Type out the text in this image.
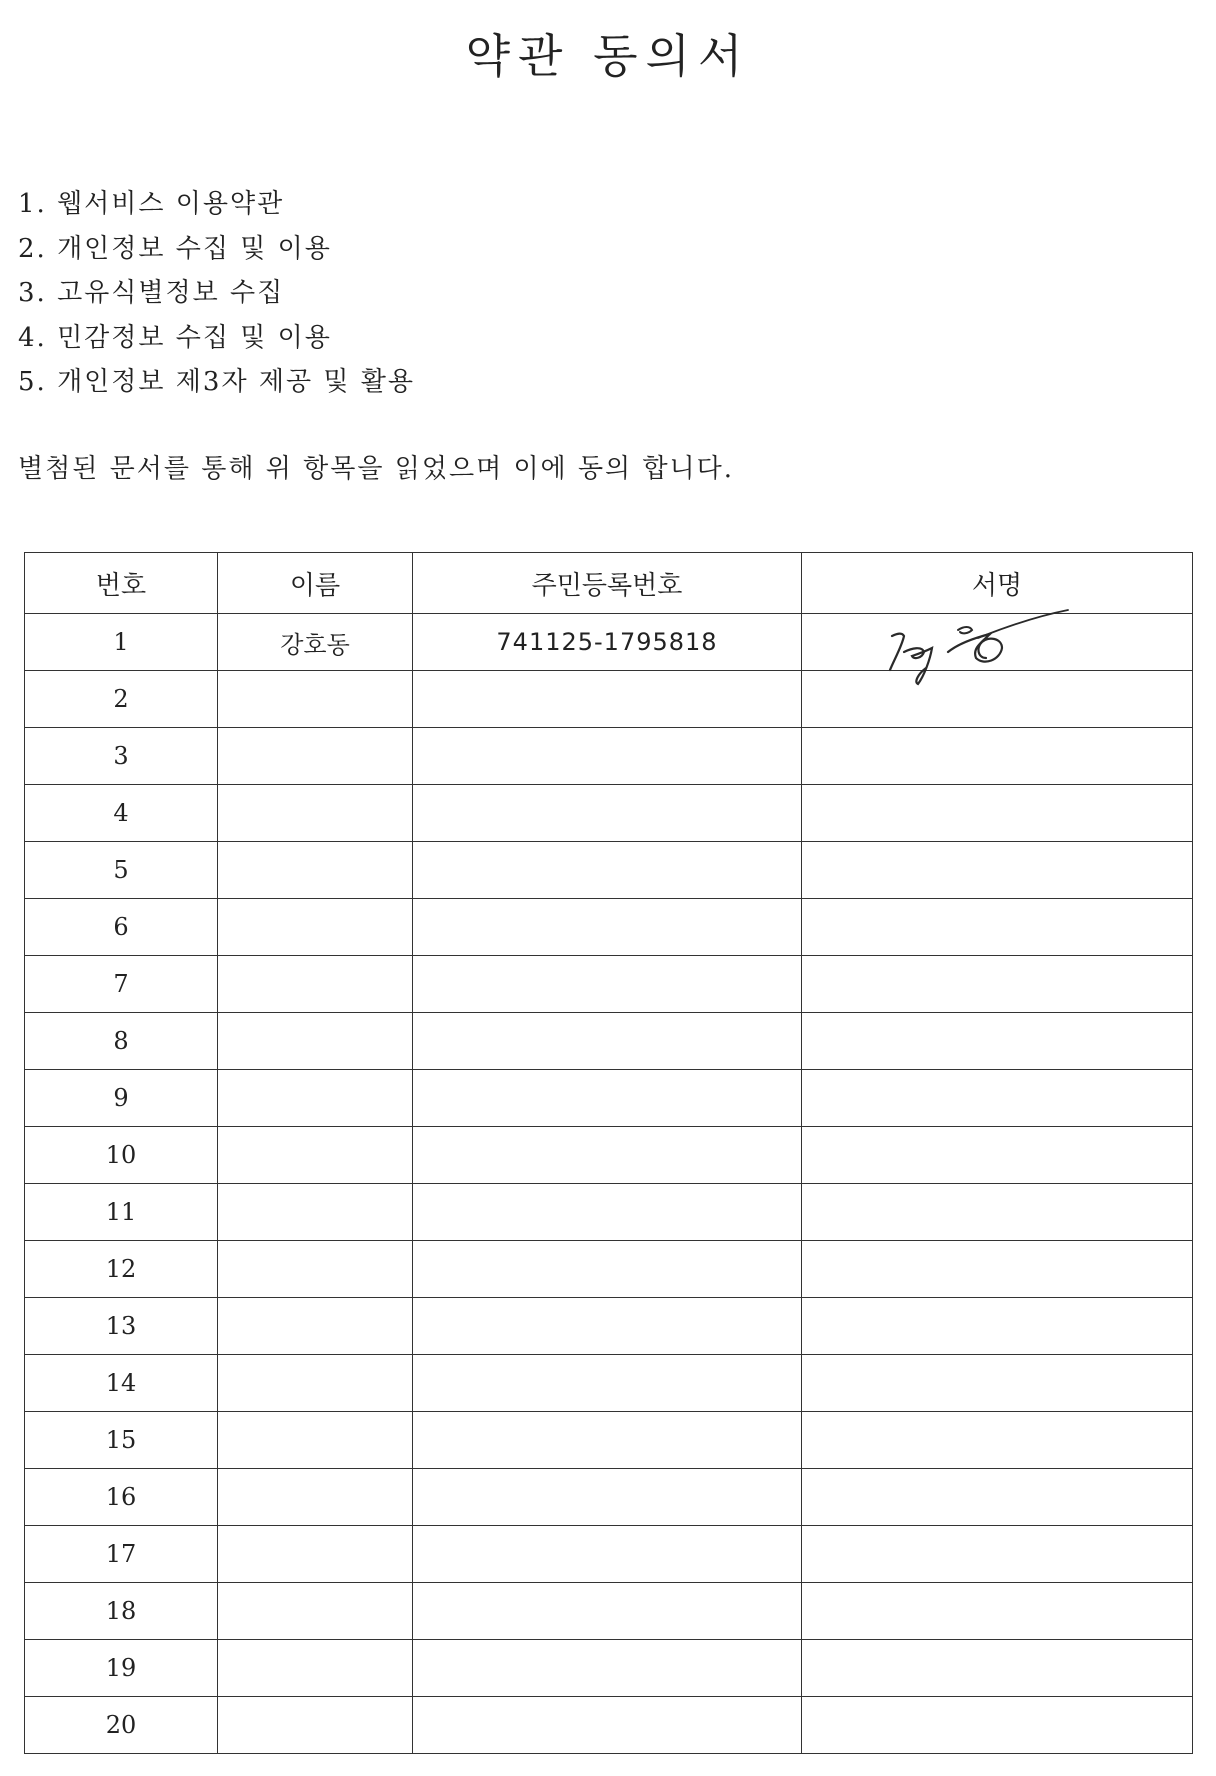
약관 동의서
1. 웹서비스 이용약관
2. 개인정보 수집 및 이용
3. 고유식별정보 수집
4. 민감정보 수집 및 이용
5. 개인정보 제3자 제공 및 활용
별첨된 문서를 통해 위 항목을 읽었으며 이에 동의 합니다.
번호	이름	주민등록번호	서명
1	강호동	741125-1795818	

2			
3			
4			
5			
6			
7			
8			
9			
10			
11			
12			
13			
14			
15			
16			
17			
18			
19			
20			
